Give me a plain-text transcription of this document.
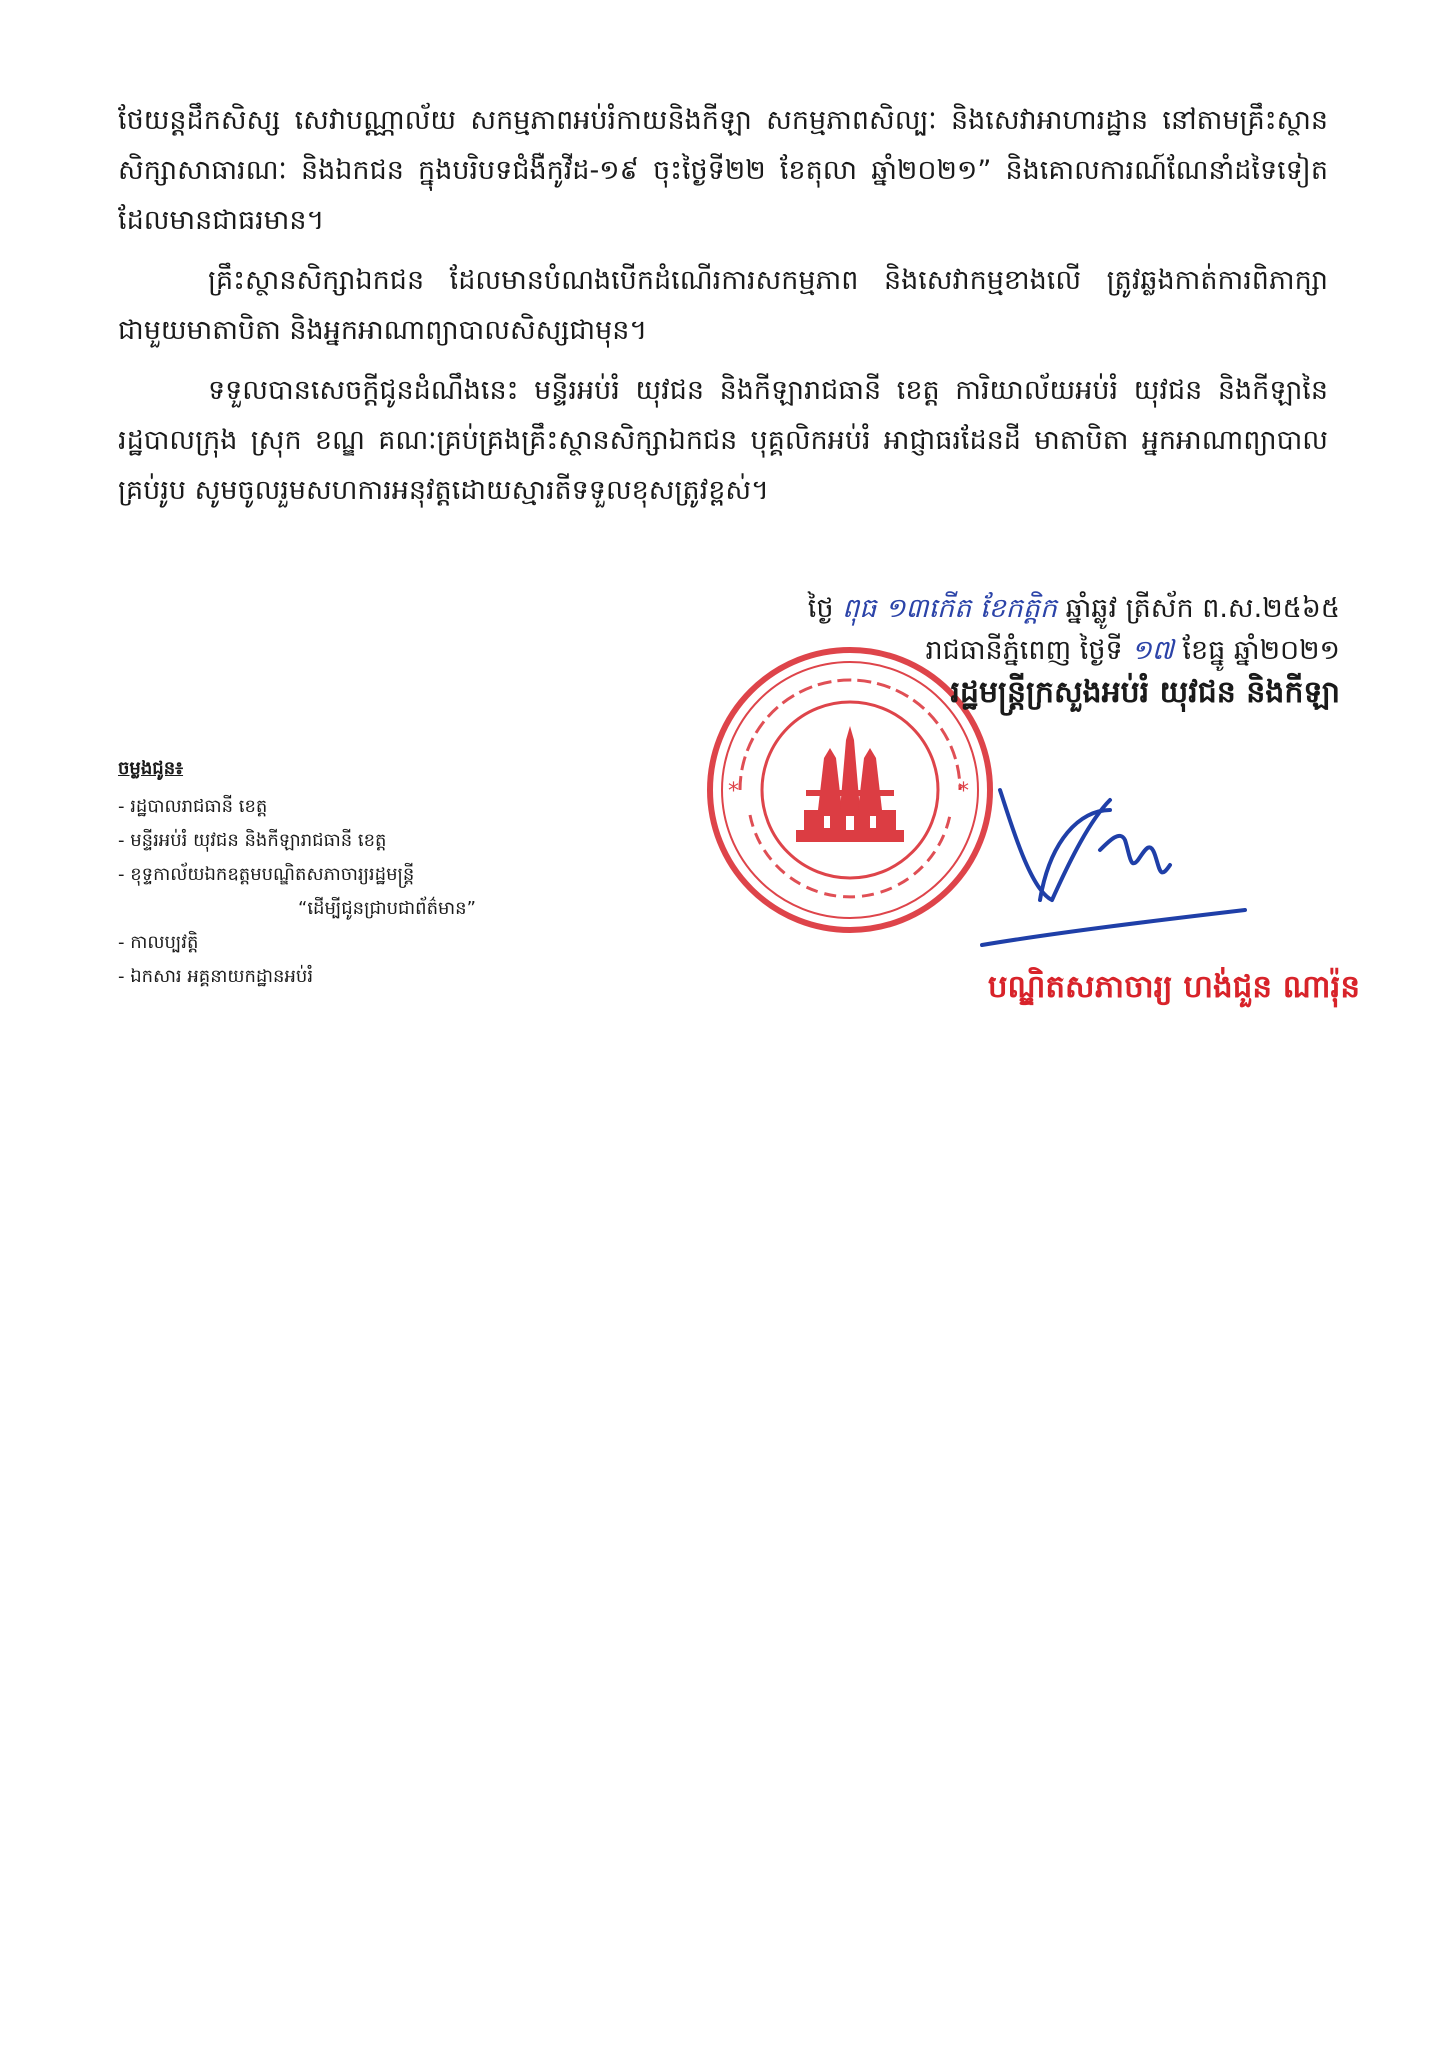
ថែយន្តដឹកសិស្ស សេវាបណ្ណាល័យ សកម្មភាពអប់រំកាយនិងកីឡា សកម្មភាពសិល្បៈ និងសេវាអាហារដ្ឋាន នៅតាមគ្រឹះស្ថានសិក្សាសាធារណៈ និងឯកជន ក្នុងបរិបទជំងឺកូវីដ-១៩ ចុះថ្ងៃទី២២ ខែតុលា ឆ្នាំ២០២១” និងគោលការណ៍ណែនាំដទៃទៀត ដែលមានជាធរមាន។

គ្រឹះស្ថានសិក្សាឯកជន ដែលមានបំណងបើកដំណើរការសកម្មភាព និងសេវាកម្មខាងលើ ត្រូវឆ្លងកាត់ការពិភាក្សាជាមួយមាតាបិតា និងអ្នកអាណាព្យាបាលសិស្សជាមុន។

ទទួលបានសេចក្តីជូនដំណឹងនេះ មន្ទីរអប់រំ យុវជន និងកីឡារាជធានី ខេត្ត ការិយាល័យអប់រំ យុវជន និងកីឡានៃរដ្ឋបាលក្រុង ស្រុក ខណ្ឌ គណៈគ្រប់គ្រងគ្រឹះស្ថានសិក្សាឯកជន បុគ្គលិកអប់រំ អាជ្ញាធរដែនដី មាតាបិតា អ្នកអាណាព្យាបាលគ្រប់រូប សូមចូលរួមសហការអនុវត្តដោយស្មារតីទទួលខុសត្រូវខ្ពស់។

*	*

ថ្ងៃ ពុធ ១៣កើត ខែកត្តិក ឆ្នាំឆ្លូវ ត្រីស័ក ព.ស.២៥៦៥

រាជធានីភ្នំពេញ ថ្ងៃទី ១៧ ខែធ្នូ ឆ្នាំ២០២១

រដ្ឋមន្ត្រីក្រសួងអប់រំ យុវជន និងកីឡា

បណ្ឌិតសភាចារ្យ ហង់ជួន ណារ៉ុន

ចម្លងជូន៖

- រដ្ឋបាលរាជធានី ខេត្ត
- មន្ទីរអប់រំ យុវជន និងកីឡារាជធានី ខេត្ត
- ខុទ្ទកាល័យឯកឧត្តមបណ្ឌិតសភាចារ្យរដ្ឋមន្ត្រី
“ដើម្បីជូនជ្រាបជាព័ត៌មាន”
- កាលប្បវត្តិ
- ឯកសារ អគ្គនាយកដ្ឋានអប់រំ
